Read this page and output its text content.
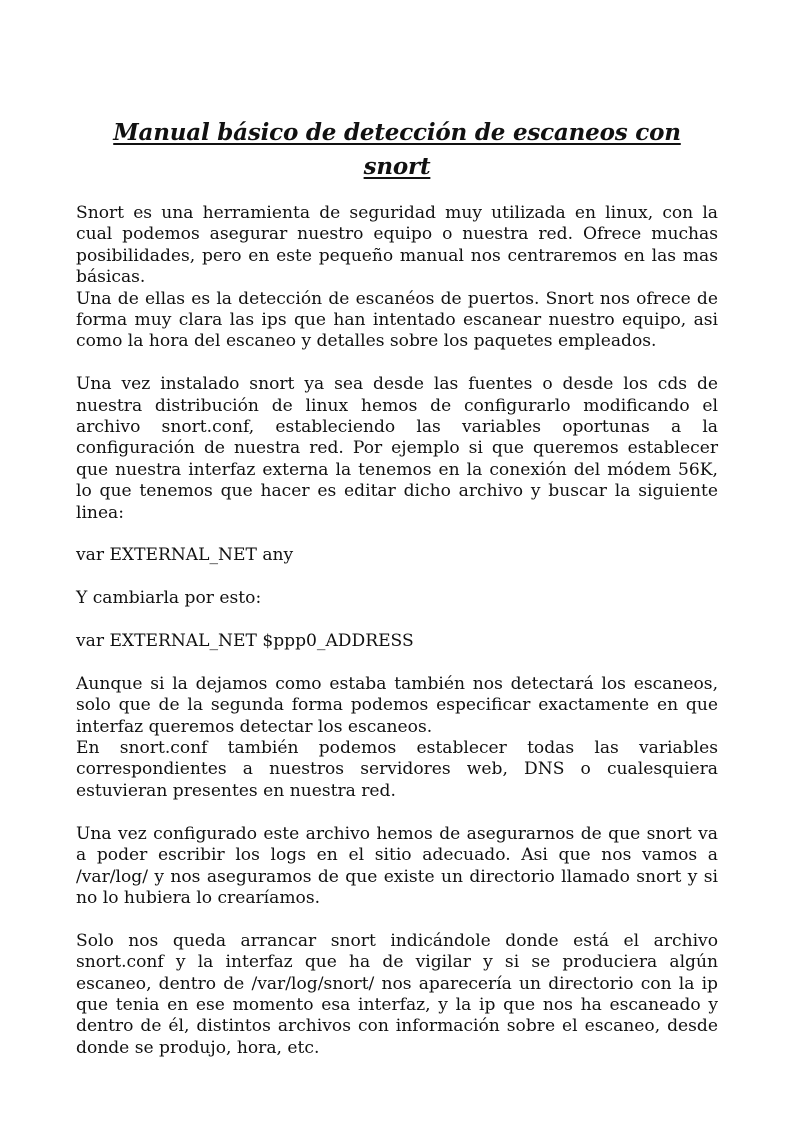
Manual básico de detección de escaneos con snort

Snort es una herramienta de seguridad muy utilizada en linux, con la cual podemos asegurar nuestro equipo o nuestra red. Ofrece muchas posibilidades, pero en este pequeño manual nos centraremos en las mas básicas.

Una de ellas es la detección de escanéos de puertos. Snort nos ofrece de forma muy clara las ips que han intentado escanear nuestro equipo, asi como la hora del escaneo y detalles sobre los paquetes empleados.

Una vez instalado snort ya sea desde las fuentes o desde los cds de nuestra distribución de linux hemos de configurarlo modificando el archivo snort.conf, estableciendo las variables oportunas a la configuración de nuestra red. Por ejemplo si que queremos establecer que nuestra interfaz externa la tenemos en la conexión del módem 56K, lo que tenemos que hacer es editar dicho archivo y buscar la siguiente linea:

var EXTERNAL_NET any

Y cambiarla por esto:

var EXTERNAL_NET $ppp0_ADDRESS

Aunque si la dejamos como estaba también nos detectará los escaneos, solo que de la segunda forma podemos especificar exactamente en que interfaz queremos detectar los escaneos.

En snort.conf también podemos establecer todas las variables correspondientes a nuestros servidores web, DNS o cualesquiera estuvieran presentes en nuestra red.

Una vez configurado este archivo hemos de asegurarnos de que snort va a poder escribir los logs en el sitio adecuado. Asi que nos vamos a /var/log/ y nos aseguramos de que existe un directorio llamado snort y si no lo hubiera lo crearíamos.

Solo nos queda arrancar snort indicándole donde está el archivo snort.conf y la interfaz que ha de vigilar y si se produciera algún escaneo, dentro de /var/log/snort/ nos aparecería un directorio con la ip que tenia en ese momento esa interfaz, y la ip que nos ha escaneado y dentro de él, distintos archivos con información sobre el escaneo, desde donde se produjo, hora, etc.
